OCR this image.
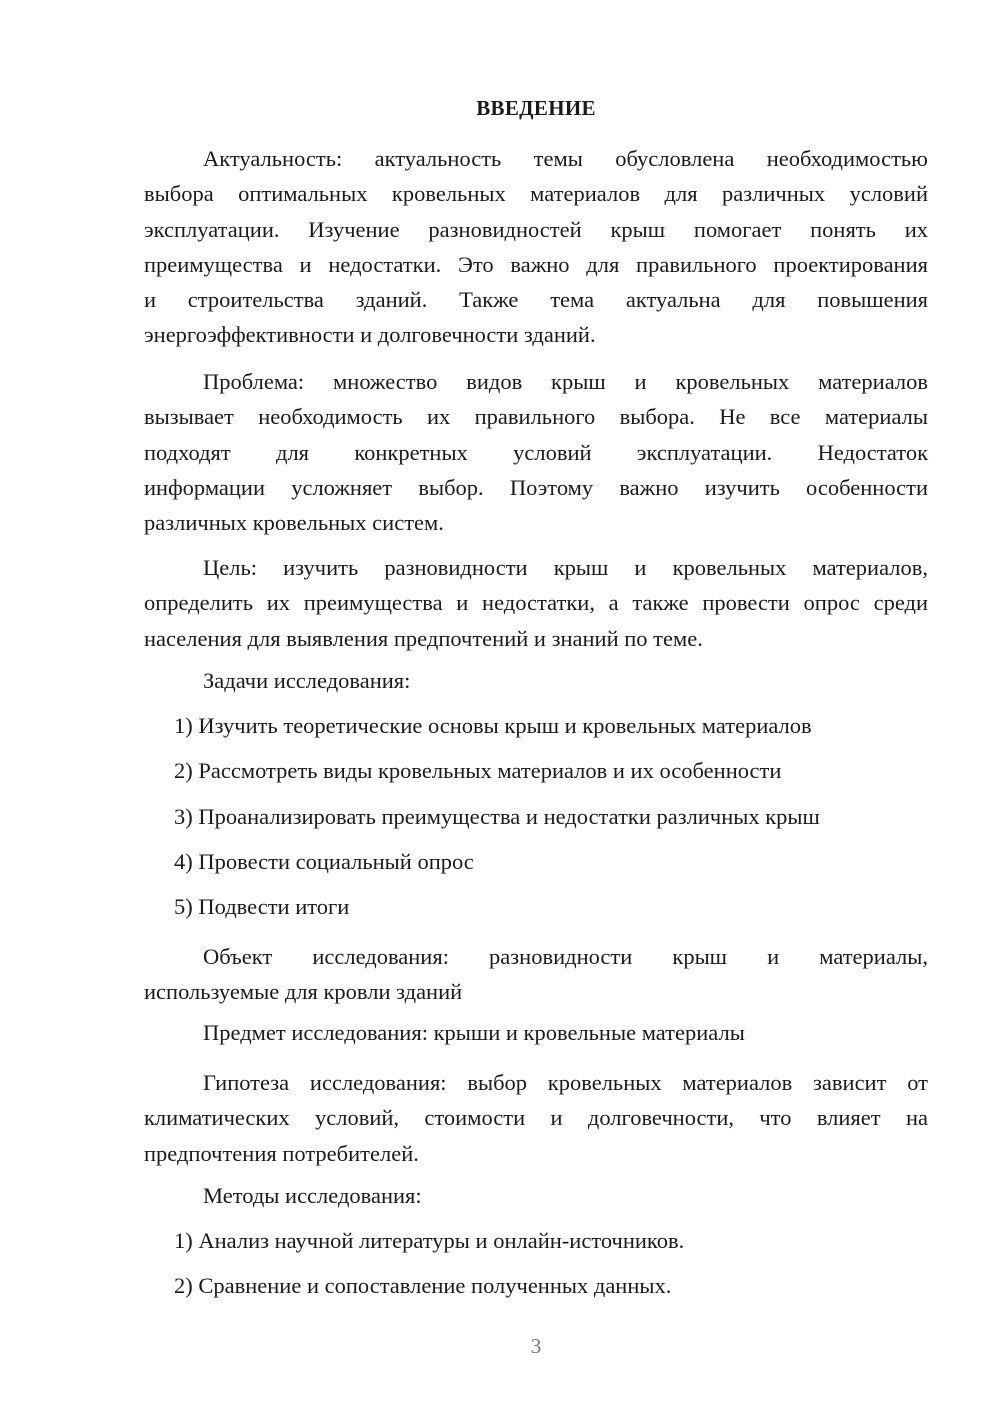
ВВЕДЕНИЕ
Актуальность: актуальность темы обусловлена необходимостью
выбора оптимальных кровельных материалов для различных условий
эксплуатации. Изучение разновидностей крыш помогает понять их
преимущества и недостатки. Это важно для правильного проектирования
и строительства зданий. Также тема актуальна для повышения
энергоэффективности и долговечности зданий.
Проблема: множество видов крыш и кровельных материалов
вызывает необходимость их правильного выбора. Не все материалы
подходят для конкретных условий эксплуатации. Недостаток
информации усложняет выбор. Поэтому важно изучить особенности
различных кровельных систем.
Цель: изучить разновидности крыш и кровельных материалов,
определить их преимущества и недостатки, а также провести опрос среди
населения для выявления предпочтений и знаний по теме.
Задачи исследования:
1) Изучить теоретические основы крыш и кровельных материалов
2) Рассмотреть виды кровельных материалов и их особенности
3) Проанализировать преимущества и недостатки различных крыш
4) Провести социальный опрос
5) Подвести итоги
Объект исследования: разновидности крыш и материалы,
используемые для кровли зданий
Предмет исследования: крыши и кровельные материалы
Гипотеза исследования: выбор кровельных материалов зависит от
климатических условий, стоимости и долговечности, что влияет на
предпочтения потребителей.
Методы исследования:
1) Анализ научной литературы и онлайн-источников.
2) Сравнение и сопоставление полученных данных.
3
